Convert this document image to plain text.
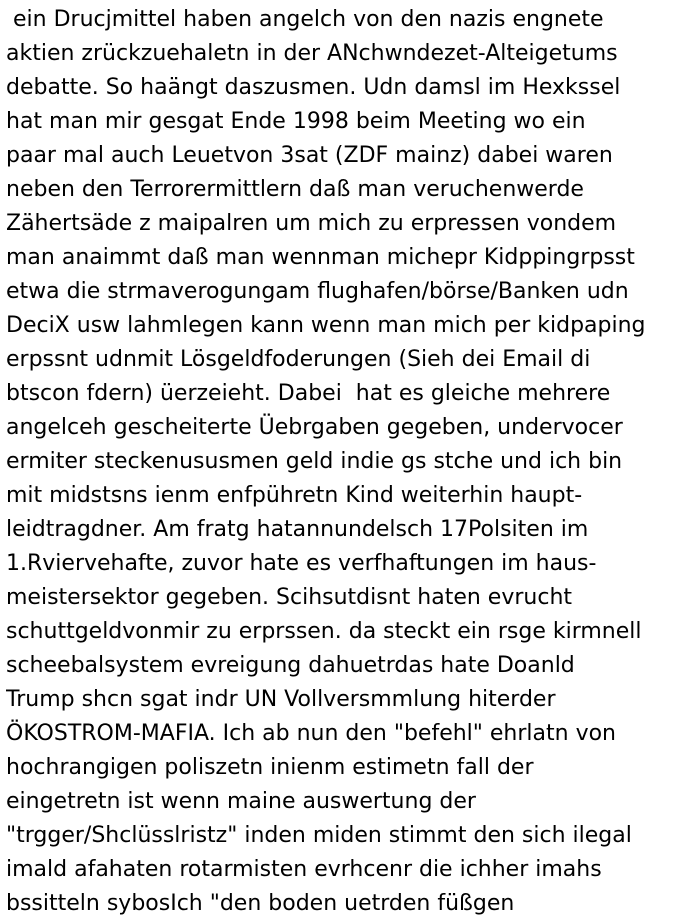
ein Drucjmittel haben angelch von den nazis engnete
aktien zrückzuehaletn in der ANchwndezet-Alteigetums
debatte. So haängt daszusmen. Udn damsl im Hexkssel
hat man mir gesgat Ende 1998 beim Meeting wo ein
paar mal auch Leuetvon 3sat (ZDF mainz) dabei waren
neben den Terrorermittlern daß man veruchenwerde
Zähertsäde z maipalren um mich zu erpressen vondem
man anaimmt daß man wennman michepr Kidppingrpsst
etwa die strmaverogungam flughafen/börse/Banken udn
DeciX usw lahmlegen kann wenn man mich per kidpaping
erpssnt udnmit Lösgeldfoderungen (Sieh dei Email di
btscon fdern) üerzeieht. Dabei  hat es gleiche mehrere
angelceh gescheiterte Üebrgaben gegeben, undervocer
ermiter steckenususmen geld indie gs stche und ich bin
mit midstsns ienm enfpühretn Kind weiterhin haupt-
leidtragdner. Am fratg hatannundelsch 17Polsiten im
1.Rviervehafte, zuvor hate es verfhaftungen im haus-
meistersektor gegeben. Scihsutdisnt haten evrucht
schuttgeldvonmir zu erprssen. da steckt ein rsge kirmnell
scheebalsystem evreigung dahuetrdas hate Doanld
Trump shcn sgat indr UN Vollversmmlung hiterder
ÖKOSTROM-MAFIA. Ich ab nun den "befehl" ehrlatn von
hochrangigen poliszetn inienm estimetn fall der
eingetretn ist wenn maine auswertung der
"trgger/Shclüsslristz" inden miden stimmt den sich ilegal
imald afahaten rotarmisten evrhcenr die ichher imahs
bssitteln sybosIch "den boden uetrden füßgen
